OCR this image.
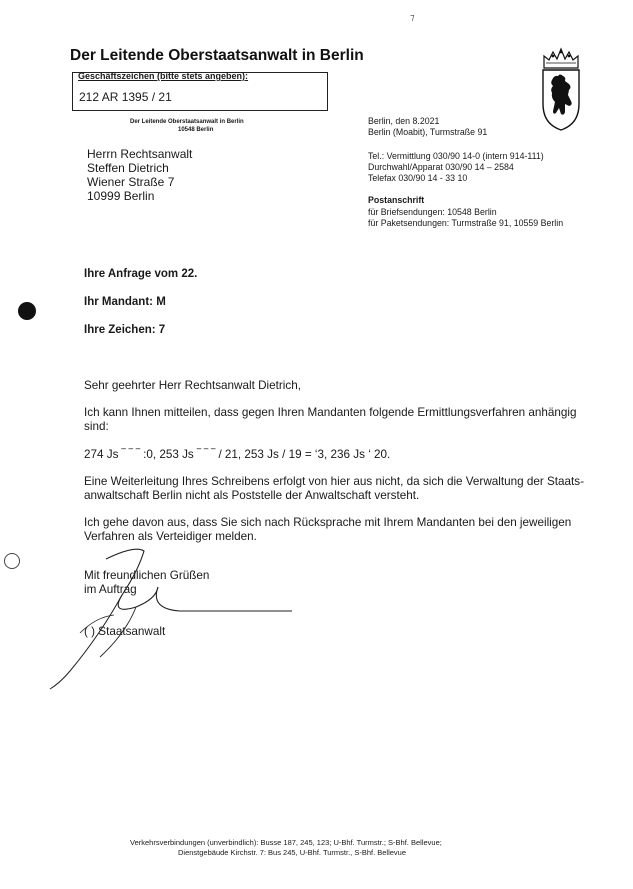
⁊
Der Leitende Oberstaatsanwalt in Berlin
Geschäftszeichen (bitte stets angeben):
212 AR 1395 / 21
Der Leitende Oberstaatsanwalt in Berlin
10548 Berlin
Herrn Rechtsanwalt
Steffen Dietrich
Wiener Straße 7
10999 Berlin
Berlin, den 8.2021
Berlin (Moabit), Turmstraße 91
Tel.: Vermittlung 030/90 14-0 (intern 914-111)
Durchwahl/Apparat 030/90 14 – 2584
Telefax 030/90 14 - 33 10
Postanschrift
für Briefsendungen: 10548 Berlin
für Paketsendungen: Turmstraße 91, 10559 Berlin
Ihre Anfrage vom 22.
Ihr Mandant: M
Ihre Zeichen: 7
Sehr geehrter Herr Rechtsanwalt Dietrich,
Ich kann Ihnen mitteilen, dass gegen Ihren Mandanten folgende Ermittlungsverfahren anhängig
sind:
274 Js ‾ ‾ ‾ :0, 253 Js ‾ ‾ ‾ / 21, 253 Js / 19 = ‘3, 236 Js ‘ 20.
Eine Weiterleitung Ihres Schreibens erfolgt von hier aus nicht, da sich die Verwaltung der Staats-
anwaltschaft Berlin nicht als Poststelle der Anwaltschaft versteht.
Ich gehe davon aus, dass Sie sich nach Rücksprache mit Ihrem Mandanten bei den jeweiligen
Verfahren als Verteidiger melden.
Mit freundlichen Grüßen
im Auftrag
( ) Staatsanwalt
Verkehrsverbindungen (unverbindlich): Busse 187, 245, 123; U-Bhf. Turmstr.; S-Bhf. Bellevue;
Dienstgebäude Kirchstr. 7: Bus 245, U-Bhf. Turmstr., S-Bhf. Bellevue
